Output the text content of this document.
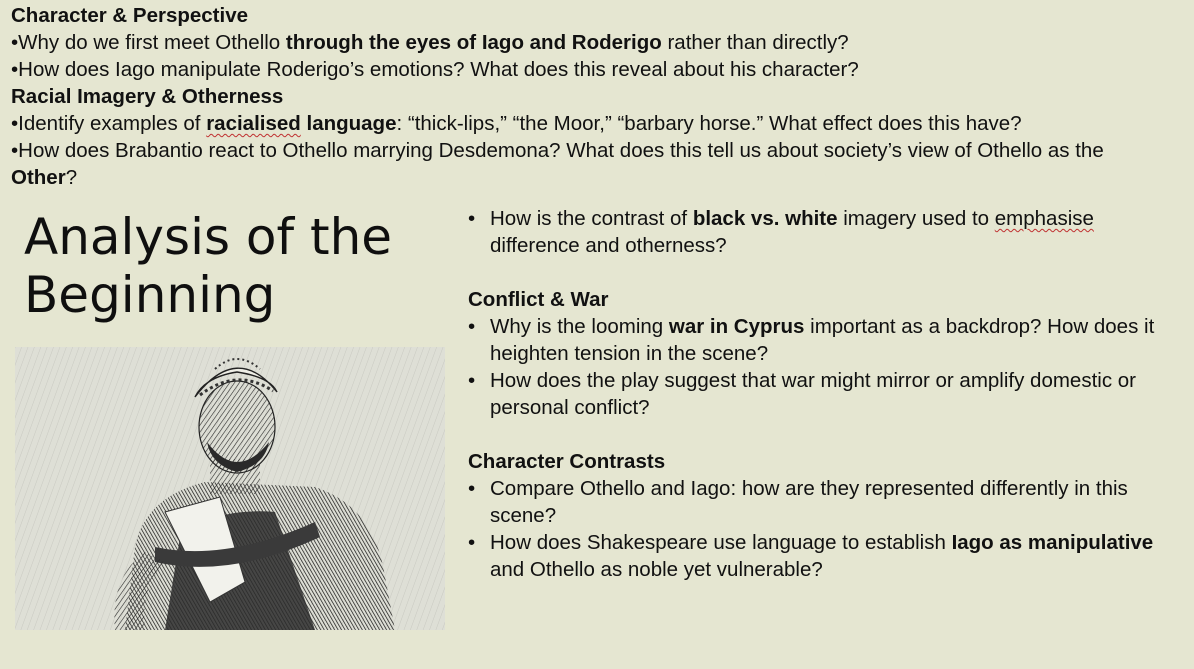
Character & Perspective
•Why do we first meet Othello through the eyes of Iago and Roderigo rather than directly?
•How does Iago manipulate Roderigo’s emotions? What does this reveal about his character?
Racial Imagery & Otherness
•Identify examples of racialised language: “thick-lips,” “the Moor,” “barbary horse.” What effect does this have?
•How does Brabantio react to Othello marrying Desdemona? What does this tell us about society’s view of Othello as the Other?
Analysis of the
Beginning
• How is the contrast of black vs. white imagery used to emphasise difference and otherness?
Conflict & War
• Why is the looming war in Cyprus important as a backdrop? How does it heighten tension in the scene?
• How does the play suggest that war might mirror or amplify domestic or personal conflict?
Character Contrasts
• Compare Othello and Iago: how are they represented differently in this scene?
• How does Shakespeare use language to establish Iago as manipulative and Othello as noble yet vulnerable?
